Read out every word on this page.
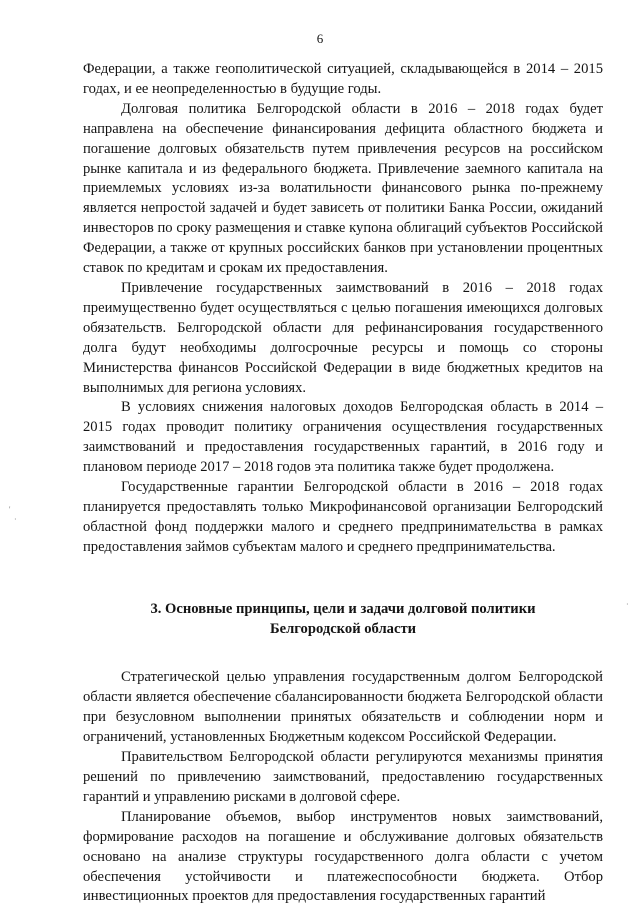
'
·
·
6

Федерации, а также геополитической ситуацией, складывающейся в 2014 – 2015 годах, и ее неопределенностью в будущие годы.

Долговая политика Белгородской области в 2016 – 2018 годах будет направлена на обеспечение финансирования дефицита областного бюджета и погашение долговых обязательств путем привлечения ресурсов на российском рынке капитала и из федерального бюджета. Привлечение заемного капитала на приемлемых условиях из-за волатильности финансового рынка по-прежнему является непростой задачей и будет зависеть от политики Банка России, ожиданий инвесторов по сроку размещения и ставке купона облигаций субъектов Российской Федерации, а также от крупных российских банков при установлении процентных ставок по кредитам и срокам их предоставления.

Привлечение государственных заимствований в 2016 – 2018 годах преимущественно будет осуществляться с целью погашения имеющихся долговых обязательств. Белгородской области для рефинансирования государственного долга будут необходимы долгосрочные ресурсы и помощь со стороны Министерства финансов Российской Федерации в виде бюджетных кредитов на выполнимых для региона условиях.

В условиях снижения налоговых доходов Белгородская область в 2014 – 2015 годах проводит политику ограничения осуществления государственных заимствований и предоставления государственных гарантий, в 2016 году и плановом периоде 2017 – 2018 годов эта политика также будет продолжена.

Государственные гарантии Белгородской области в 2016 – 2018 годах планируется предоставлять только Микрофинансовой организации Белгородский областной фонд поддержки малого и среднего предпринимательства в рамках предоставления займов субъектам малого и среднего предпринимательства.

3. Основные принципы, цели и задачи долговой политики
Белгородской области

Стратегической целью управления государственным долгом Белгородской области является обеспечение сбалансированности бюджета Белгородской области при безусловном выполнении принятых обязательств и соблюдении норм и ограничений, установленных Бюджетным кодексом Российской Федерации.

Правительством Белгородской области регулируются механизмы принятия решений по привлечению заимствований, предоставлению государственных гарантий и управлению рисками в долговой сфере.

Планирование объемов, выбор инструментов новых заимствований, формирование расходов на погашение и обслуживание долговых обязательств основано на анализе структуры государственного долга области с учетом обеспечения устойчивости и платежеспособности бюджета. Отбор инвестиционных проектов для предоставления государственных гарантий
